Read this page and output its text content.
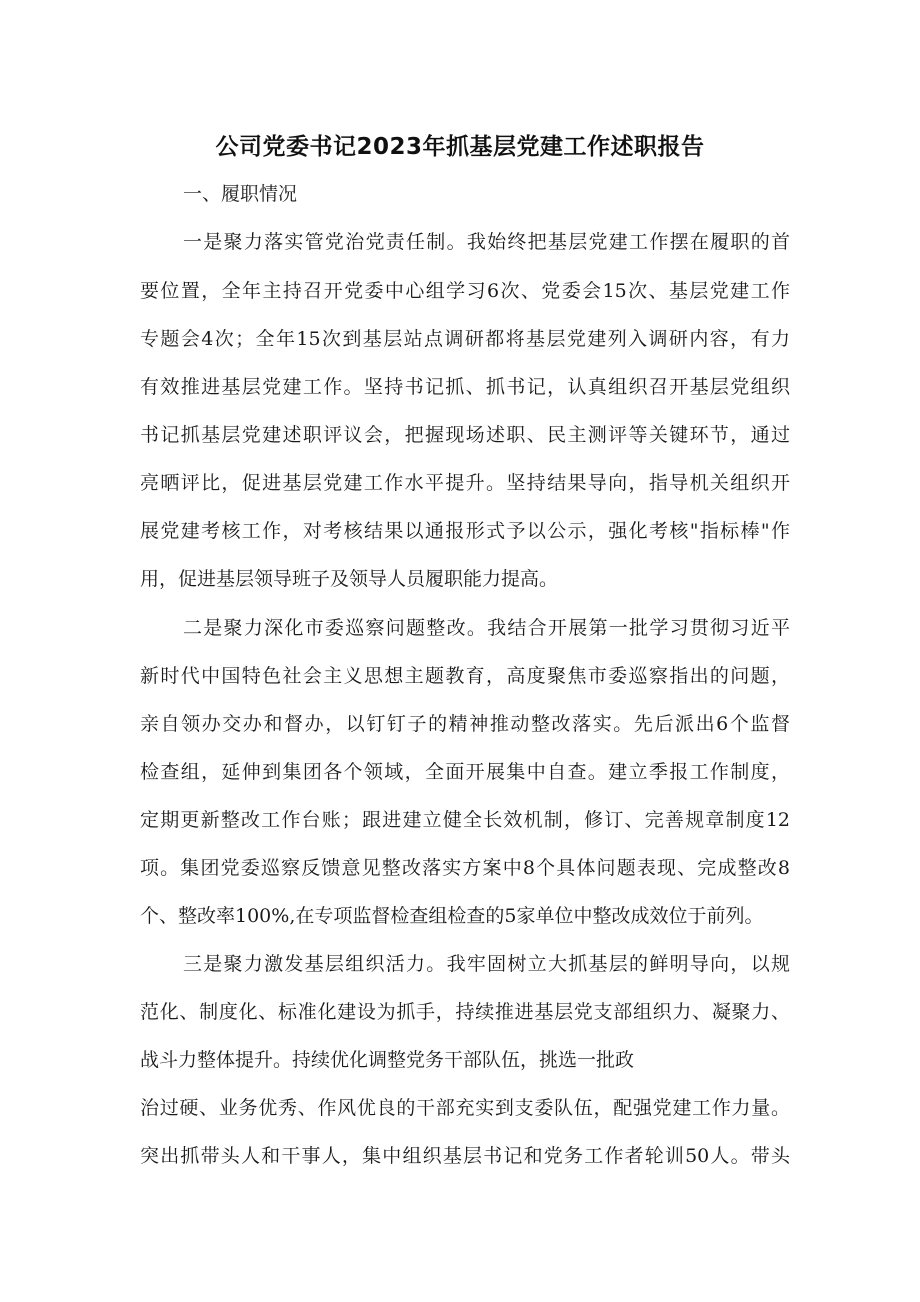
公司党委书记2023年抓基层党建工作述职报告
一、履职情况
一是聚力落实管党治党责任制。我始终把基层党建工作摆在履职的首
要位置，全年主持召开党委中心组学习6次、党委会15次、基层党建工作
专题会4次；全年15次到基层站点调研都将基层党建列入调研内容，有力
有效推进基层党建工作。坚持书记抓、抓书记，认真组织召开基层党组织
书记抓基层党建述职评议会，把握现场述职、民主测评等关键环节，通过
亮晒评比，促进基层党建工作水平提升。坚持结果导向，指导机关组织开
展党建考核工作，对考核结果以通报形式予以公示，强化考核"指标棒"作
用，促进基层领导班子及领导人员履职能力提高。
二是聚力深化市委巡察问题整改。我结合开展第一批学习贯彻习近平
新时代中国特色社会主义思想主题教育，高度聚焦市委巡察指出的问题，
亲自领办交办和督办，以钉钉子的精神推动整改落实。先后派出6个监督
检查组，延伸到集团各个领域，全面开展集中自查。建立季报工作制度，
定期更新整改工作台账；跟进建立健全长效机制，修订、完善规章制度12
项。集团党委巡察反馈意见整改落实方案中8个具体问题表现、完成整改8
个、整改率100%,在专项监督检查组检查的5家单位中整改成效位于前列。
三是聚力激发基层组织活力。我牢固树立大抓基层的鲜明导向，以规
范化、制度化、标准化建设为抓手，持续推进基层党支部组织力、凝聚力、
战斗力整体提升。持续优化调整党务干部队伍，挑选一批政
治过硬、业务优秀、作风优良的干部充实到支委队伍，配强党建工作力量。
突出抓带头人和干事人，集中组织基层书记和党务工作者轮训50人。带头
